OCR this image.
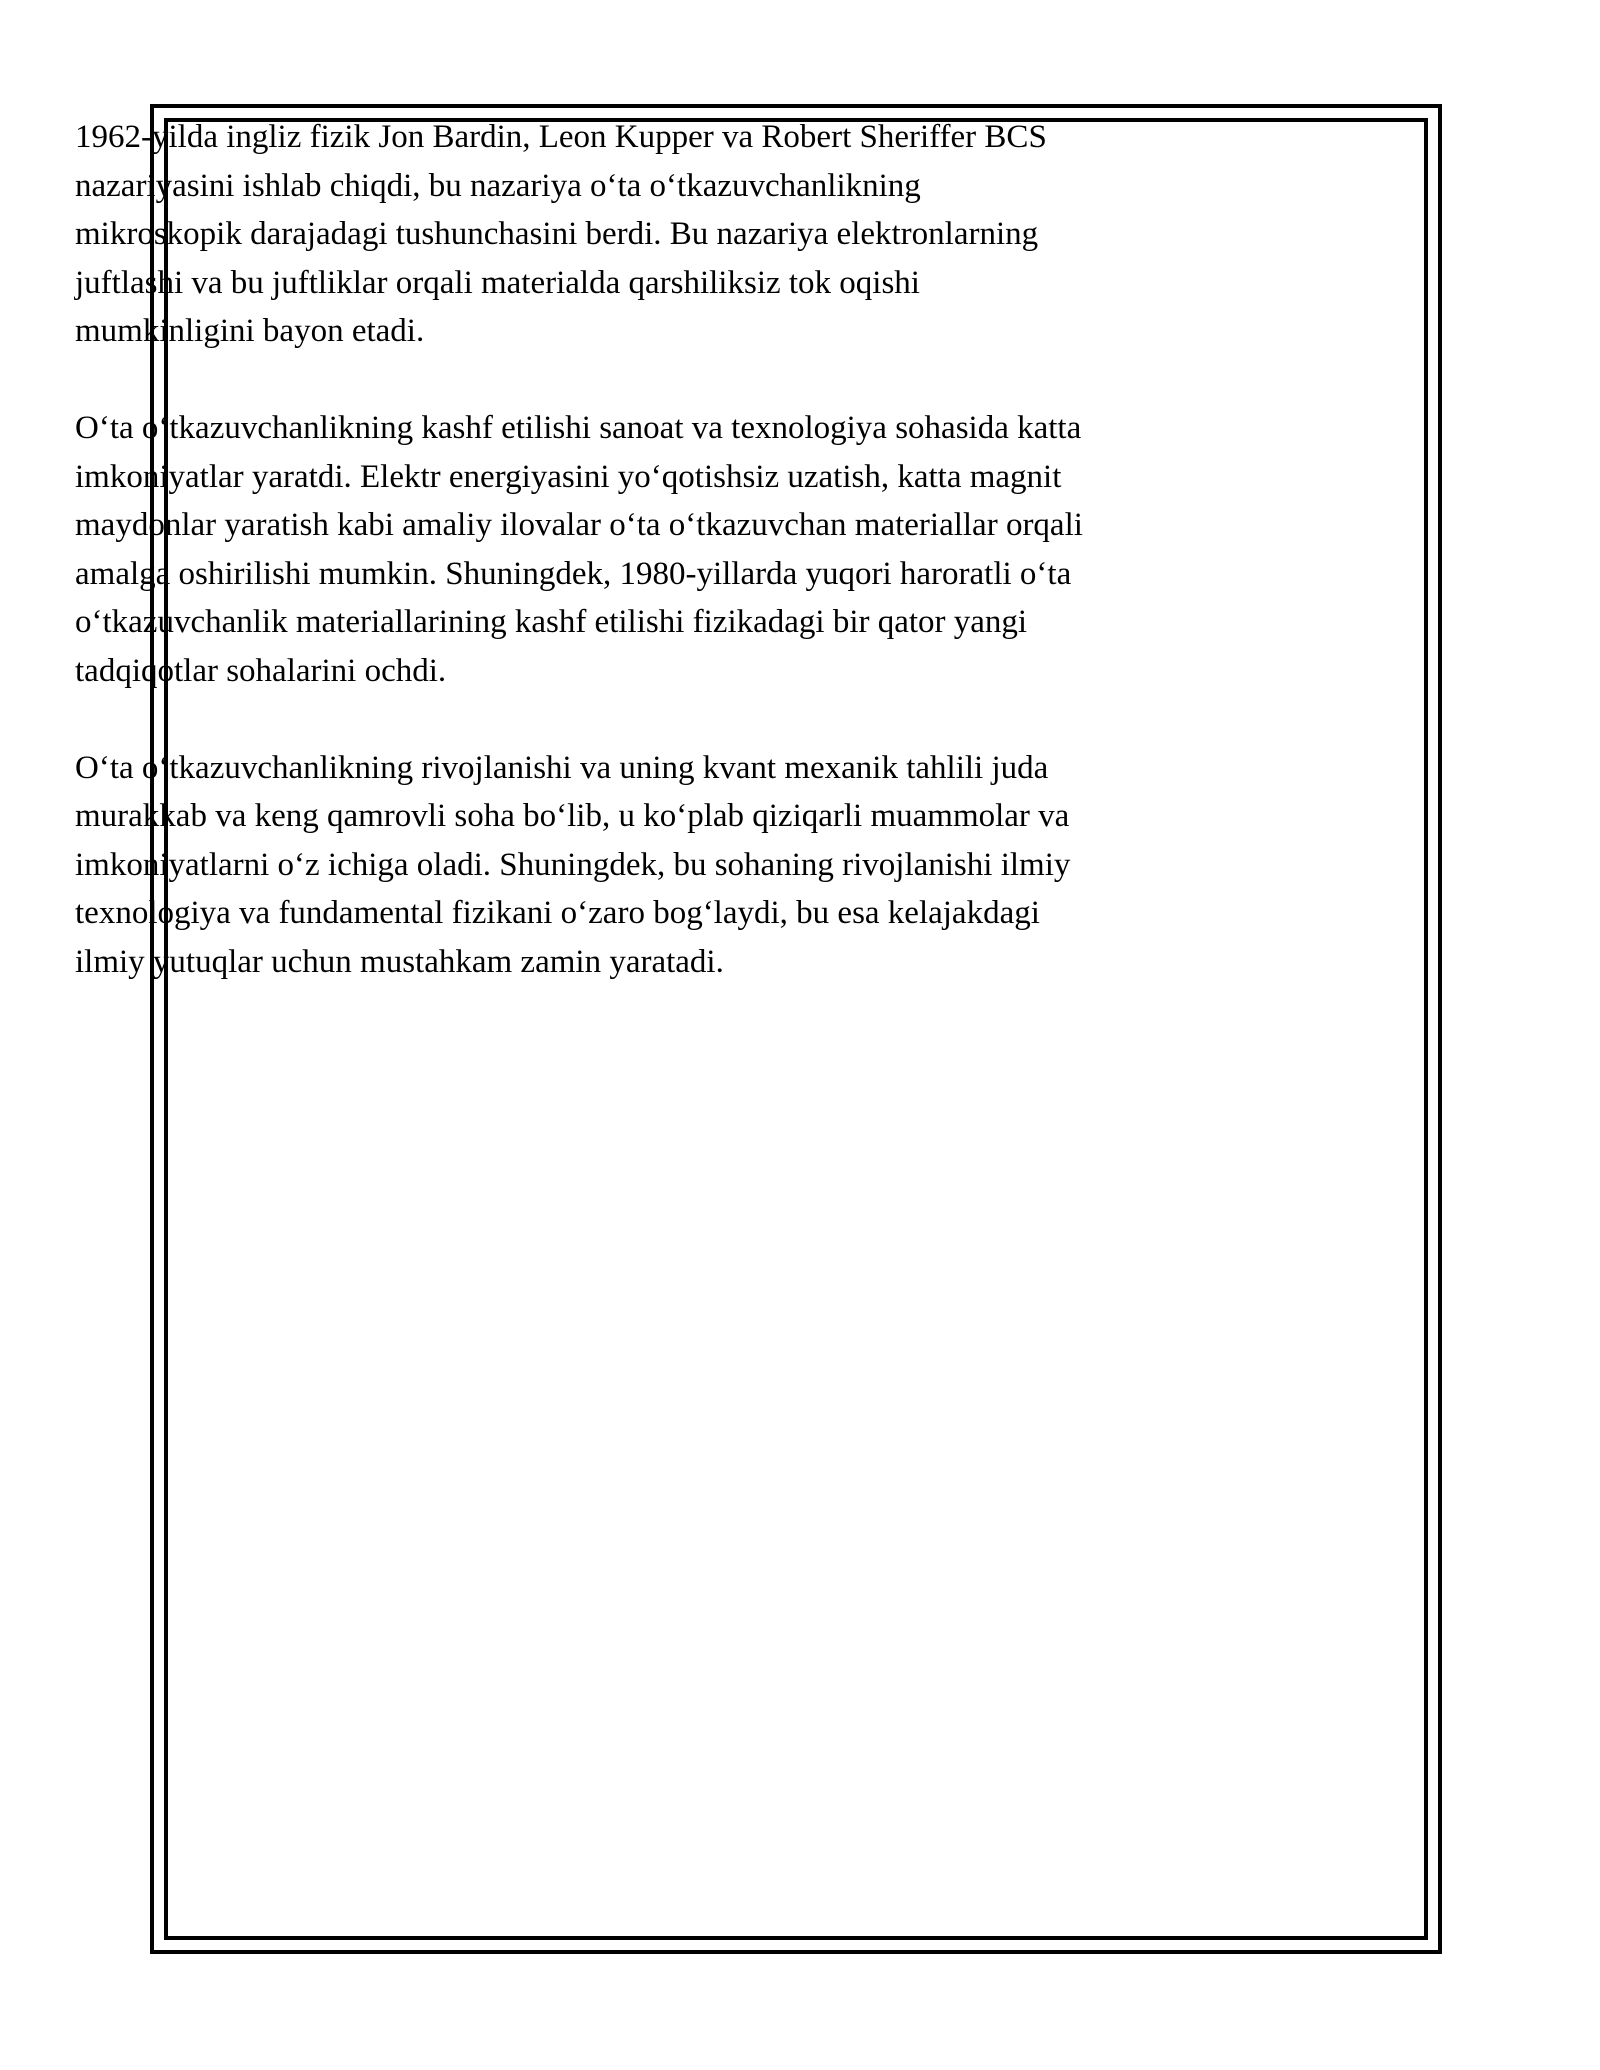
1962-yilda ingliz fizik Jon Bardin, Leon Kupper va Robert Sheriffer BCS
nazariyasini ishlab chiqdi, bu nazariya o‘ta o‘tkazuvchanlikning
mikroskopik darajadagi tushunchasini berdi. Bu nazariya elektronlarning
juftlashi va bu juftliklar orqali materialda qarshiliksiz tok oqishi
mumkinligini bayon etadi.

O‘ta o‘tkazuvchanlikning kashf etilishi sanoat va texnologiya sohasida katta
imkoniyatlar yaratdi. Elektr energiyasini yo‘qotishsiz uzatish, katta magnit
maydonlar yaratish kabi amaliy ilovalar o‘ta o‘tkazuvchan materiallar orqali
amalga oshirilishi mumkin. Shuningdek, 1980-yillarda yuqori haroratli o‘ta
o‘tkazuvchanlik materiallarining kashf etilishi fizikadagi bir qator yangi
tadqiqotlar sohalarini ochdi.

O‘ta o‘tkazuvchanlikning rivojlanishi va uning kvant mexanik tahlili juda
murakkab va keng qamrovli soha bo‘lib, u ko‘plab qiziqarli muammolar va
imkoniyatlarni o‘z ichiga oladi. Shuningdek, bu sohaning rivojlanishi ilmiy
texnologiya va fundamental fizikani o‘zaro bog‘laydi, bu esa kelajakdagi
ilmiy yutuqlar uchun mustahkam zamin yaratadi.
